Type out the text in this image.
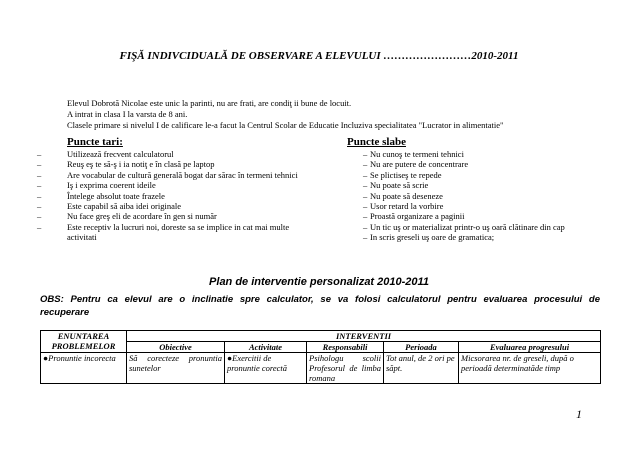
FIŞĂ INDIVCIDUALĂ DE OBSERVARE A ELEVULUI ……………………2010-2011
Elevul Dobrotă Nicolae este unic la parinti, nu are frati, are condiţ ii bune de locuit.
A intrat in clasa I la varsta de 8 ani.
Clasele primare si nivelul I de calificare le-a facut la Centrul Scolar de Educatie Incluziva specialitatea "Lucrator in alimentatie"
Puncte tari:	Puncte slabe
– Utilizează frecvent calculatorul
– Reuş eş te să-ş i ia notiţ e în clasă pe laptop
– Are vocabular de cultură generală bogat dar sărac în termeni tehnici
– Iş i exprima coerent ideile
– Întelege absolut toate frazele
– Este capabil să aiba idei originale
– Nu face greş eli de acordare în gen si număr
– Este receptiv la lucruri noi, doreste sa se implice in cat mai multe activitati
– Nu cunoş te termeni tehnici
– Nu are putere de concentrare
– Se plictiseş te repede
– Nu poate să scrie
– Nu poate să deseneze
– Usor retard la vorbire
– Proastă organizare a paginii
– Un tic uş or materializat printr-o uş oară clătinare din cap
– In scris greseli uş oare de gramatica;
Plan de interventie personalizat 2010-2011
OBS: Pentru ca elevul are o inclinatie spre calculator, se va folosi calculatorul pentru evaluarea procesului de
recuperare
ENUNTAREA
PROBLEMELOR	INTERVENTII				
	Obiective	Activitate	Responsabili	Perioada	Evaluarea progresului
●Pronuntie incorecta	Să corecteze pronuntia sunetelor	●Exercitii de pronuntie corectă	Psihologu scolii Profesorul de limba romana	Tot anul, de 2 ori pe săpt.	Micsorarea nr. de greseli, după o perioadă determinatăde timp
1
